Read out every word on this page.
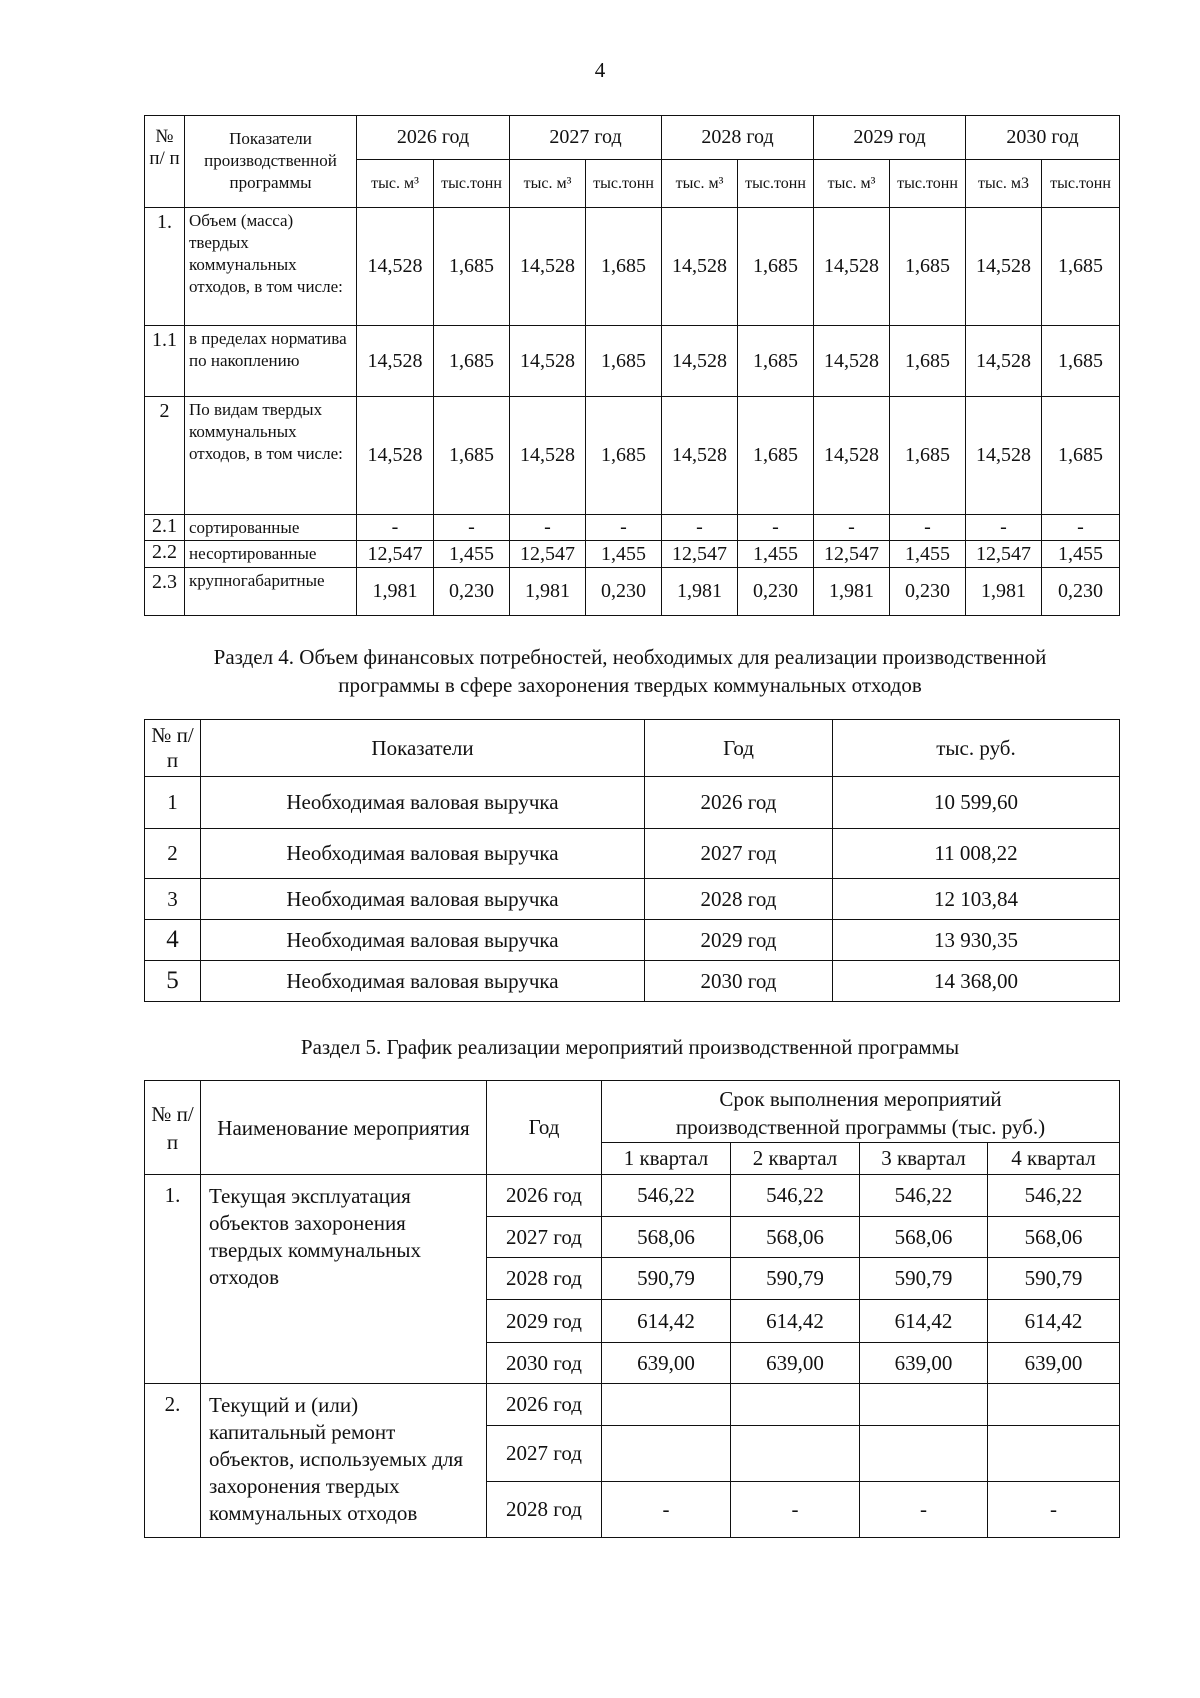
4
№ п/ п	Показатели производственной программы	2026 год		2027 год		2028 год		2029 год		2030 год	
		тыс. м³	тыс.тонн	тыс. м³	тыс.тонн	тыс. м³	тыс.тонн	тыс. м³	тыс.тонн	тыс. м3	тыс.тонн
1.	Объем (масса) твердых коммунальных отходов, в том числе:	14,528	1,685	14,528	1,685	14,528	1,685	14,528	1,685	14,528	1,685
1.1	в пределах норматива по накоплению	14,528	1,685	14,528	1,685	14,528	1,685	14,528	1,685	14,528	1,685
2	По видам твердых коммунальных отходов, в том числе:	14,528	1,685	14,528	1,685	14,528	1,685	14,528	1,685	14,528	1,685
2.1	сортированные	-	-	-	-	-	-	-	-	-	-
2.2	несортированные	12,547	1,455	12,547	1,455	12,547	1,455	12,547	1,455	12,547	1,455
2.3	крупногабаритные	1,981	0,230	1,981	0,230	1,981	0,230	1,981	0,230	1,981	0,230
Раздел 4. Объем финансовых потребностей, необходимых для реализации производственной
программы в сфере захоронения твердых коммунальных отходов
№ п/п	Показатели	Год	тыс. руб.
1	Необходимая валовая выручка	2026 год	10 599,60
2	Необходимая валовая выручка	2027 год	11 008,22
3	Необходимая валовая выручка	2028 год	12 103,84
4	Необходимая валовая выручка	2029 год	13 930,35
5	Необходимая валовая выручка	2030 год	14 368,00
Раздел 5. График реализации мероприятий производственной программы
№ п/п	Наименование мероприятия	Год	Срок выполнения мероприятий
производственной программы (тыс. руб.)			

			1 квартал	2 квартал	3 квартал	4 квартал
1.	Текущая эксплуатация объектов захоронения твердых коммунальных отходов	2026 год	546,22	546,22	546,22	546,22
		2027 год	568,06	568,06	568,06	568,06
		2028 год	590,79	590,79	590,79	590,79
		2029 год	614,42	614,42	614,42	614,42
		2030 год	639,00	639,00	639,00	639,00
2.	Текущий и (или) капитальный ремонт объектов, используемых для захоронения твердых коммунальных отходов	2026 год				
		2027 год				
		2028 год	-	-	-	-
